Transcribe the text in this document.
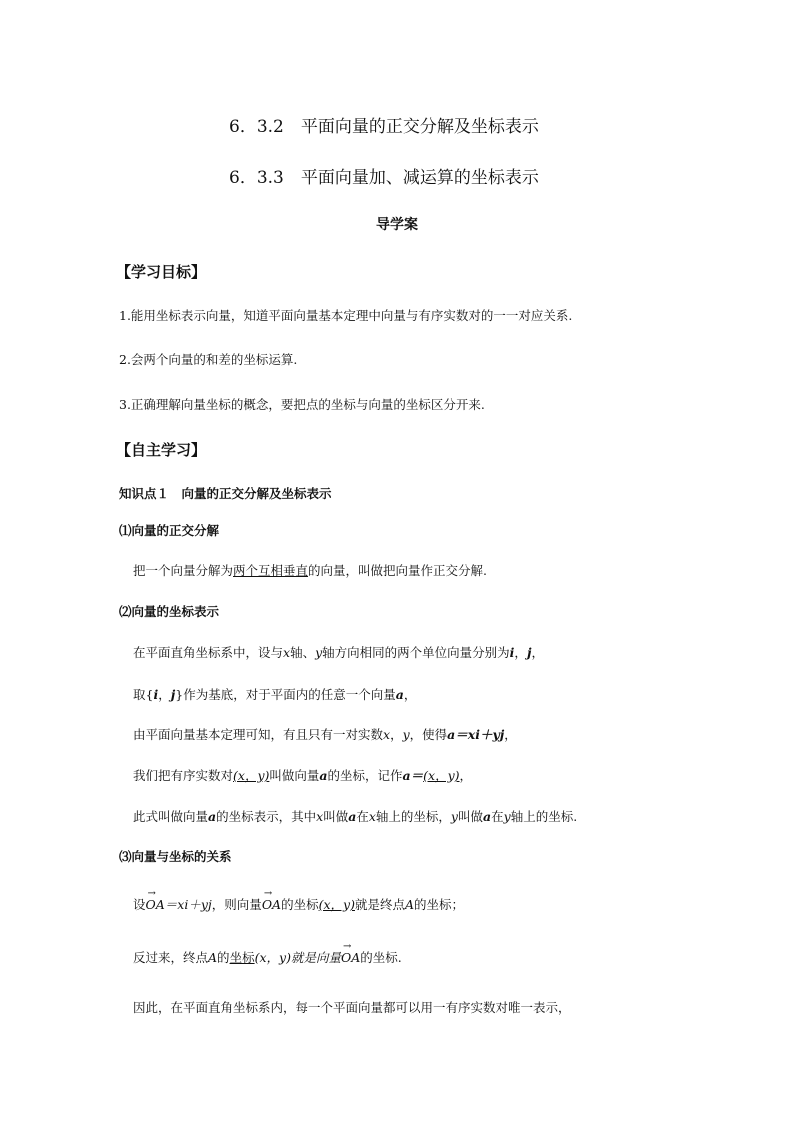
6．3.2　平面向量的正交分解及坐标表示
6．3.3　平面向量加、减运算的坐标表示
导学案
【学习目标】
1.能用坐标表示向量，知道平面向量基本定理中向量与有序实数对的一一对应关系.
2.会两个向量的和差的坐标运算.
3.正确理解向量坐标的概念，要把点的坐标与向量的坐标区分开来.
【自主学习】
知识点１　向量的正交分解及坐标表示
⑴向量的正交分解
把一个向量分解为两个互相垂直的向量，叫做把向量作正交分解.
⑵向量的坐标表示
在平面直角坐标系中，设与x轴、y轴方向相同的两个单位向量分别为i，j，
取{i，j}作为基底，对于平面内的任意一个向量a，
由平面向量基本定理可知，有且只有一对实数x，y，使得a＝xi＋yj，
我们把有序实数对(x，y)叫做向量a的坐标，记作a＝(x，y)，
此式叫做向量a的坐标表示，其中x叫做a在x轴上的坐标，y叫做a在y轴上的坐标.
⑶向量与坐标的关系
设→ OA＝xi＋yj，则向量→ OA的坐标(x，y)就是终点A的坐标；
反过来，终点A的坐标(x，y)就是向量→ OA的坐标.
因此，在平面直角坐标系内，每一个平面向量都可以用一有序实数对唯一表示，
